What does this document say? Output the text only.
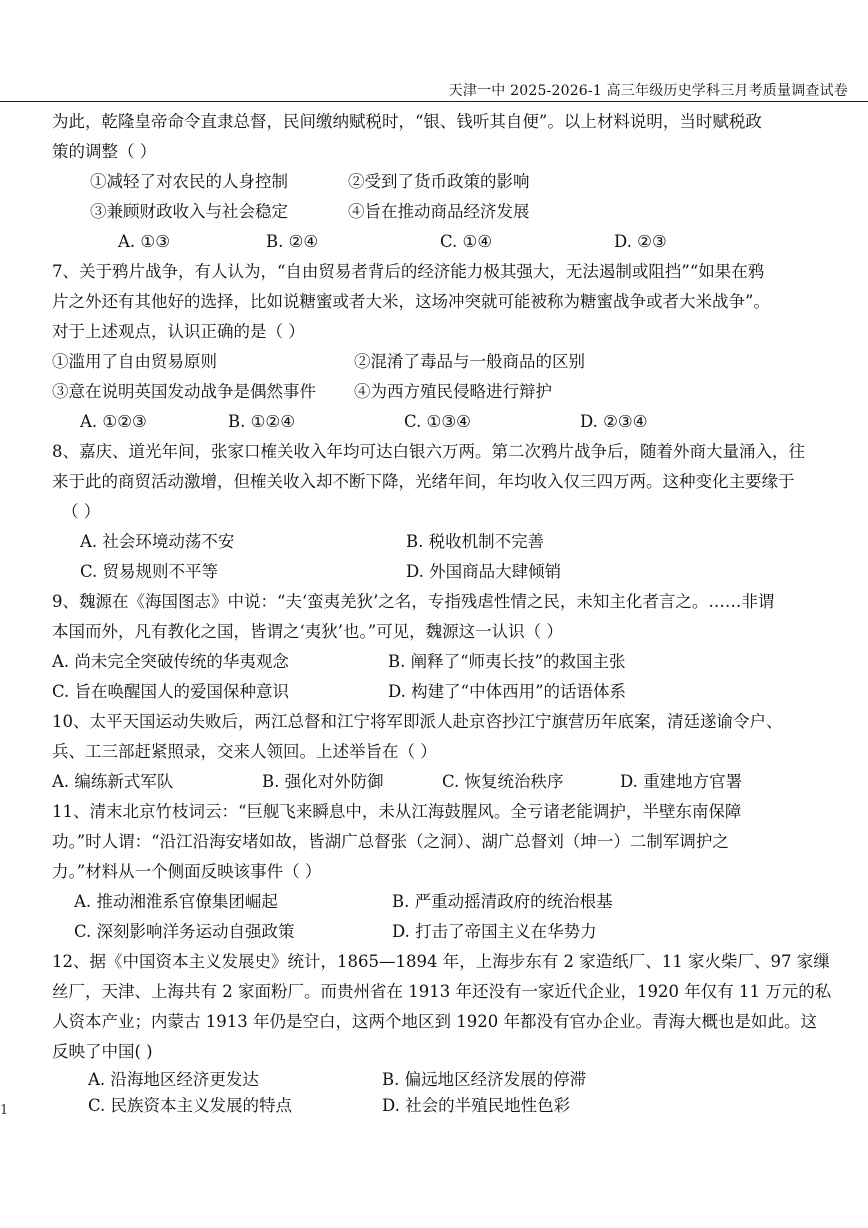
天津一中 2025-2026-1 高三年级历史学科三月考质量调查试卷
为此，乾隆皇帝命令直隶总督，民间缴纳赋税时，“银、钱听其自便”。以上材料说明，当时赋税政
策的调整（ ）
①减轻了对农民的人身控制	②受到了货币政策的影响
③兼顾财政收入与社会稳定	④旨在推动商品经济发展
A. ①③	B. ②④	C. ①④	D. ②③
7、关于鸦片战争，有人认为，“自由贸易者背后的经济能力极其强大，无法遏制或阻挡”“如果在鸦
片之外还有其他好的选择，比如说糖蜜或者大米，这场冲突就可能被称为糖蜜战争或者大米战争”。
对于上述观点，认识正确的是（ ）
①滥用了自由贸易原则	②混淆了毒品与一般商品的区别
③意在说明英国发动战争是偶然事件	④为西方殖民侵略进行辩护
A. ①②③	B. ①②④	C. ①③④	D. ②③④
8、嘉庆、道光年间，张家口榷关收入年均可达白银六万两。第二次鸦片战争后，随着外商大量涌入，往
来于此的商贸活动激增，但榷关收入却不断下降，光绪年间，年均收入仅三四万两。这种变化主要缘于
（ ）
A. 社会环境动荡不安	B. 税收机制不完善
C. 贸易规则不平等	D. 外国商品大肆倾销
9、魏源在《海国图志》中说：“夫‘蛮夷羌狄’之名，专指残虐性情之民，未知主化者言之。……非谓
本国而外，凡有教化之国，皆谓之‘夷狄’也。”可见，魏源这一认识（ ）
A. 尚未完全突破传统的华夷观念	B. 阐释了“师夷长技”的救国主张
C. 旨在唤醒国人的爱国保种意识	D. 构建了“中体西用”的话语体系
10、太平天国运动失败后，两江总督和江宁将军即派人赴京咨抄江宁旗营历年底案，清廷遂谕令户、
兵、工三部赶紧照录，交来人领回。上述举旨在（ ）
A. 编练新式军队	B. 强化对外防御	C. 恢复统治秩序	D. 重建地方官署
11、清末北京竹枝词云：“巨舰飞来瞬息中，未从江海鼓腥风。全亏诸老能调护，半壁东南保障
功。”时人谓：“沿江沿海安堵如故，皆湖广总督张（之洞）、湖广总督刘（坤一）二制军调护之
力。”材料从一个侧面反映该事件（ ）
A. 推动湘淮系官僚集团崛起	B. 严重动摇清政府的统治根基
C. 深刻影响洋务运动自强政策	D. 打击了帝国主义在华势力
12、据《中国资本主义发展史》统计，1865—1894 年，上海步东有 2 家造纸厂、11 家火柴厂、97 家缫
丝厂，天津、上海共有 2 家面粉厂。而贵州省在 1913 年还没有一家近代企业，1920 年仅有 11 万元的私
人资本产业；内蒙古 1913 年仍是空白，这两个地区到 1920 年都没有官办企业。青海大概也是如此。这
反映了中国( )
A. 沿海地区经济更发达	B. 偏远地区经济发展的停滞
C. 民族资本主义发展的特点	D. 社会的半殖民地性色彩
1
